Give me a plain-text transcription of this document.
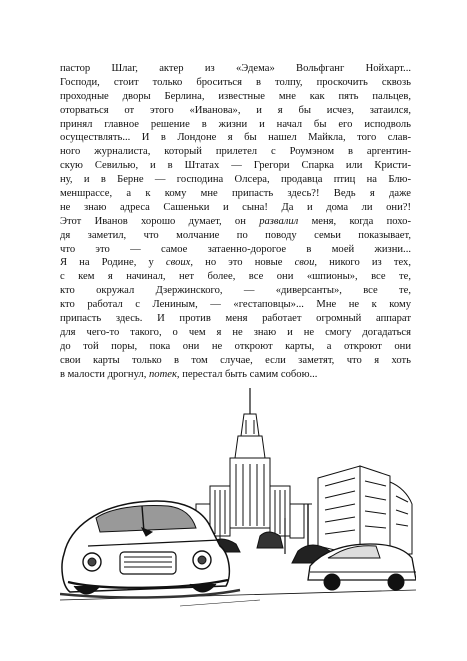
пастор Шлаг, актер из «Эдема» Вольфганг Нойхарт...
Господи, стоит только броситься в толпу, проскочить сквозь
проходные дворы Берлина, известные мне как пять пальцев,
оторваться от этого «Иванова», и я бы исчез, затаился,
принял главное решение в жизни и начал бы его исподволь
осуществлять... И в Лондоне я бы нашел Майкла, того слав-
ного журналиста, который прилетел с Роумэном в аргентин-
скую Севилью, и в Штатах — Грегори Спарка или Кристи-
ну, и в Берне — господина Олсера, продавца птиц на Блю-
меншрассе, а к кому мне припасть здесь?! Ведь я даже
не знаю адреса Сашеньки и сына! Да и дома ли они?!
Этот Иванов хорошо думает, он развалил меня, когда похо-
дя заметил, что молчание по поводу семьи показывает,
что это — самое затаенно-дорогое в моей жизни...
Я на Родине, у своих, но это новые свои, никого из тех,
с кем я начинал, нет более, все они «шпионы», все те,
кто окружал Дзержинского, — «диверсанты», все те,
кто работал с Лениным, — «гестаповцы»... Мне не к кому
припасть здесь. И против меня работает огромный аппарат
для чего-то такого, о чем я не знаю и не смогу догадаться
до той поры, пока они не откроют карты, а откроют они
свои карты только в том случае, если заметят, что я хоть
в малости дрогнул, потек, перестал быть самим собою...
